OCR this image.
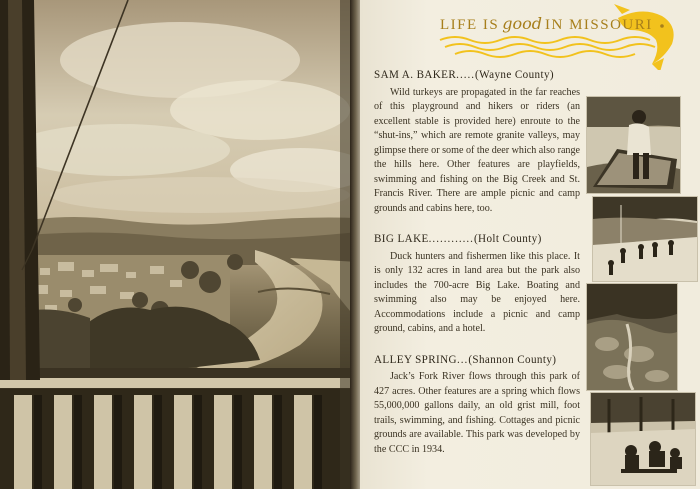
LIFE IS good IN MISSOURI
SAM A. BAKER.....(Wayne County)
Wild turkeys are propagated in the far reaches of this playground and hikers or riders (an excellent stable is provided here) enroute to the “shut-ins,” which are remote granite valleys, may glimpse there or some of the deer which also range the hills here. Other features are playfields, swimming and fishing on the Big Creek and St. Francis River. There are ample picnic and camp grounds and cabins here, too.
BIG LAKE............(Holt County)
Duck hunters and fishermen like this place. It is only 132 acres in land area but the park also includes the 700-acre Big Lake. Boating and swimming also may be enjoyed here. Accommodations include a picnic and camp ground, cabins, and a hotel.
ALLEY SPRING...(Shannon County)
Jack’s Fork River flows through this park of 427 acres. Other features are a spring which flows 55,000,000 gallons daily, an old grist mill, foot trails, swimming, and fishing. Cottages and picnic grounds are available. This park was developed by the CCC in 1934.
